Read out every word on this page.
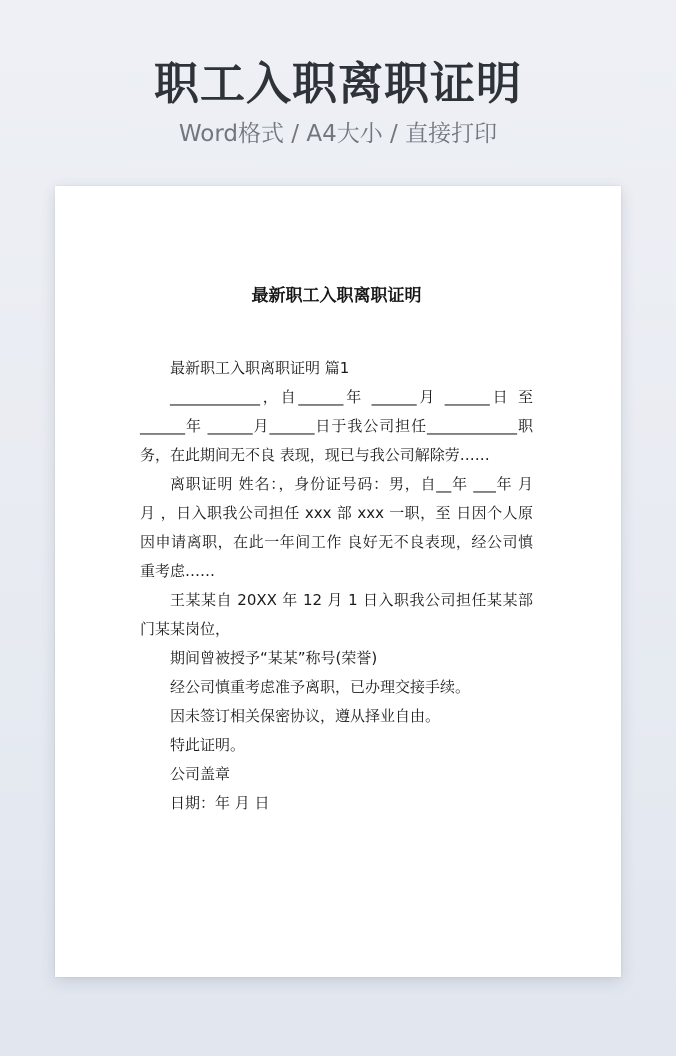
职工入职离职证明

Word格式 / A4大小 / 直接打印

最新职工入职离职证明

最新职工入职离职证明 篇1

____________，自______年 ______月 ______日 至______年 ______月______日于我公司担任____________职务，在此期间无不良 表现，现已与我公司解除劳……

离职证明 姓名：，身份证号码：男，自__年 ___年 月 月 ，日入职我公司担任 xxx 部 xxx 一职，至 日因个人原因申请离职，在此一年间工作 良好无不良表现，经公司慎重考虑……

王某某自 20XX 年 12 月 1 日入职我公司担任某某部门某某岗位，

期间曾被授予“某某”称号(荣誉)

经公司慎重考虑准予离职，已办理交接手续。

因未签订相关保密协议，遵从择业自由。

特此证明。

公司盖章

日期：年 月 日
